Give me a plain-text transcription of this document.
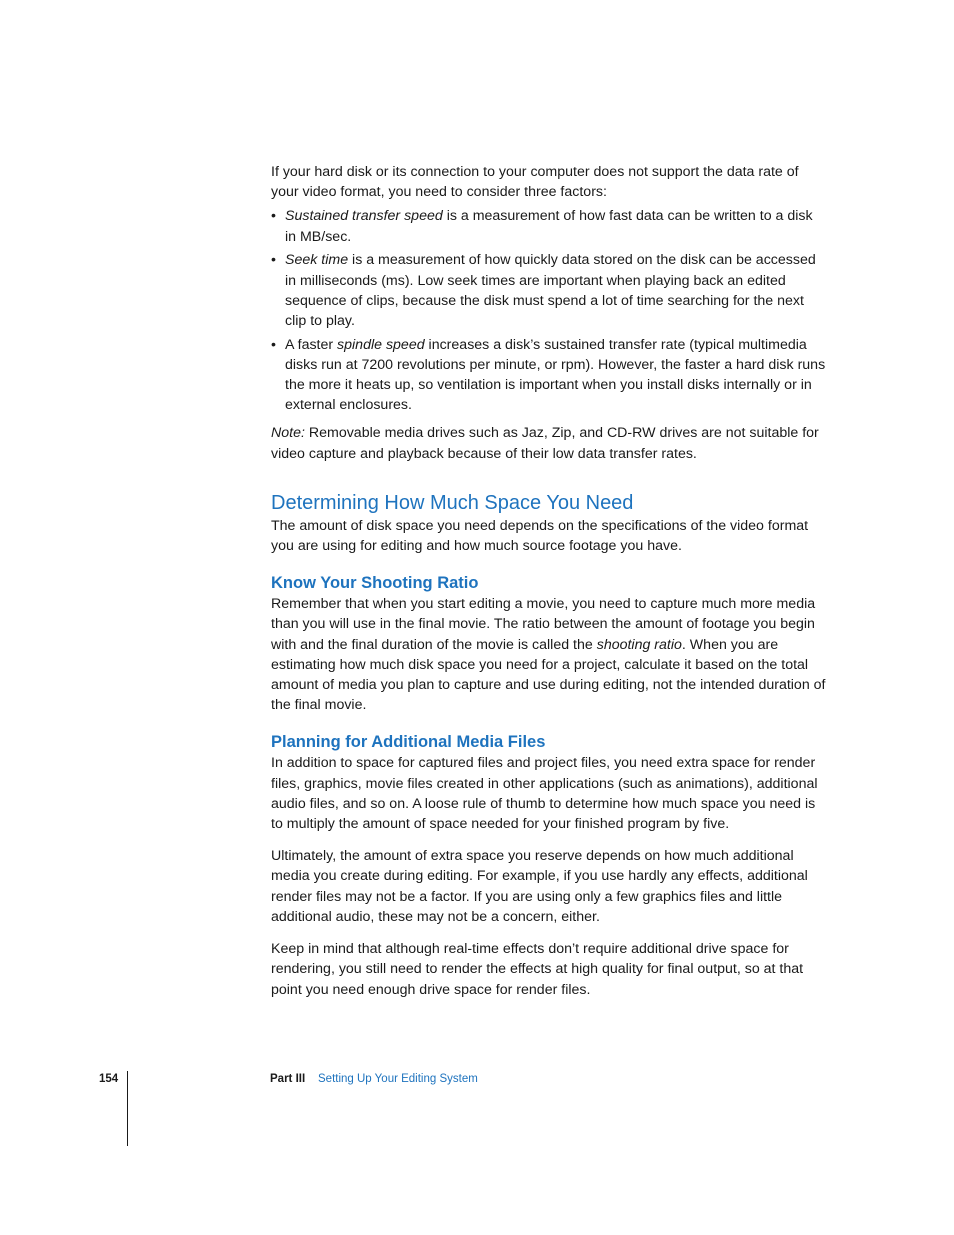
If your hard disk or its connection to your computer does not support the data rate of your video format, you need to consider three factors:

• Sustained transfer speed is a measurement of how fast data can be written to a disk in MB/sec.
• Seek time is a measurement of how quickly data stored on the disk can be accessed in milliseconds (ms). Low seek times are important when playing back an edited sequence of clips, because the disk must spend a lot of time searching for the next clip to play.
• A faster spindle speed increases a disk’s sustained transfer rate (typical multimedia disks run at 7200 revolutions per minute, or rpm). However, the faster a hard disk runs the more it heats up, so ventilation is important when you install disks internally or in external enclosures.

Note: Removable media drives such as Jaz, Zip, and CD-RW drives are not suitable for video capture and playback because of their low data transfer rates.

Determining How Much Space You Need

The amount of disk space you need depends on the specifications of the video format you are using for editing and how much source footage you have.

Know Your Shooting Ratio

Remember that when you start editing a movie, you need to capture much more media than you will use in the final movie. The ratio between the amount of footage you begin with and the final duration of the movie is called the shooting ratio. When you are estimating how much disk space you need for a project, calculate it based on the total amount of media you plan to capture and use during editing, not the intended duration of the final movie.

Planning for Additional Media Files

In addition to space for captured files and project files, you need extra space for render files, graphics, movie files created in other applications (such as animations), additional audio files, and so on. A loose rule of thumb to determine how much space you need is to multiply the amount of space needed for your finished program by five.

Ultimately, the amount of extra space you reserve depends on how much additional media you create during editing. For example, if you use hardly any effects, additional render files may not be a factor. If you are using only a few graphics files and little additional audio, these may not be a concern, either.

Keep in mind that although real-time effects don’t require additional drive space for rendering, you still need to render the effects at high quality for final output, so at that point you need enough drive space for render files.

154	Part III Setting Up Your Editing System
